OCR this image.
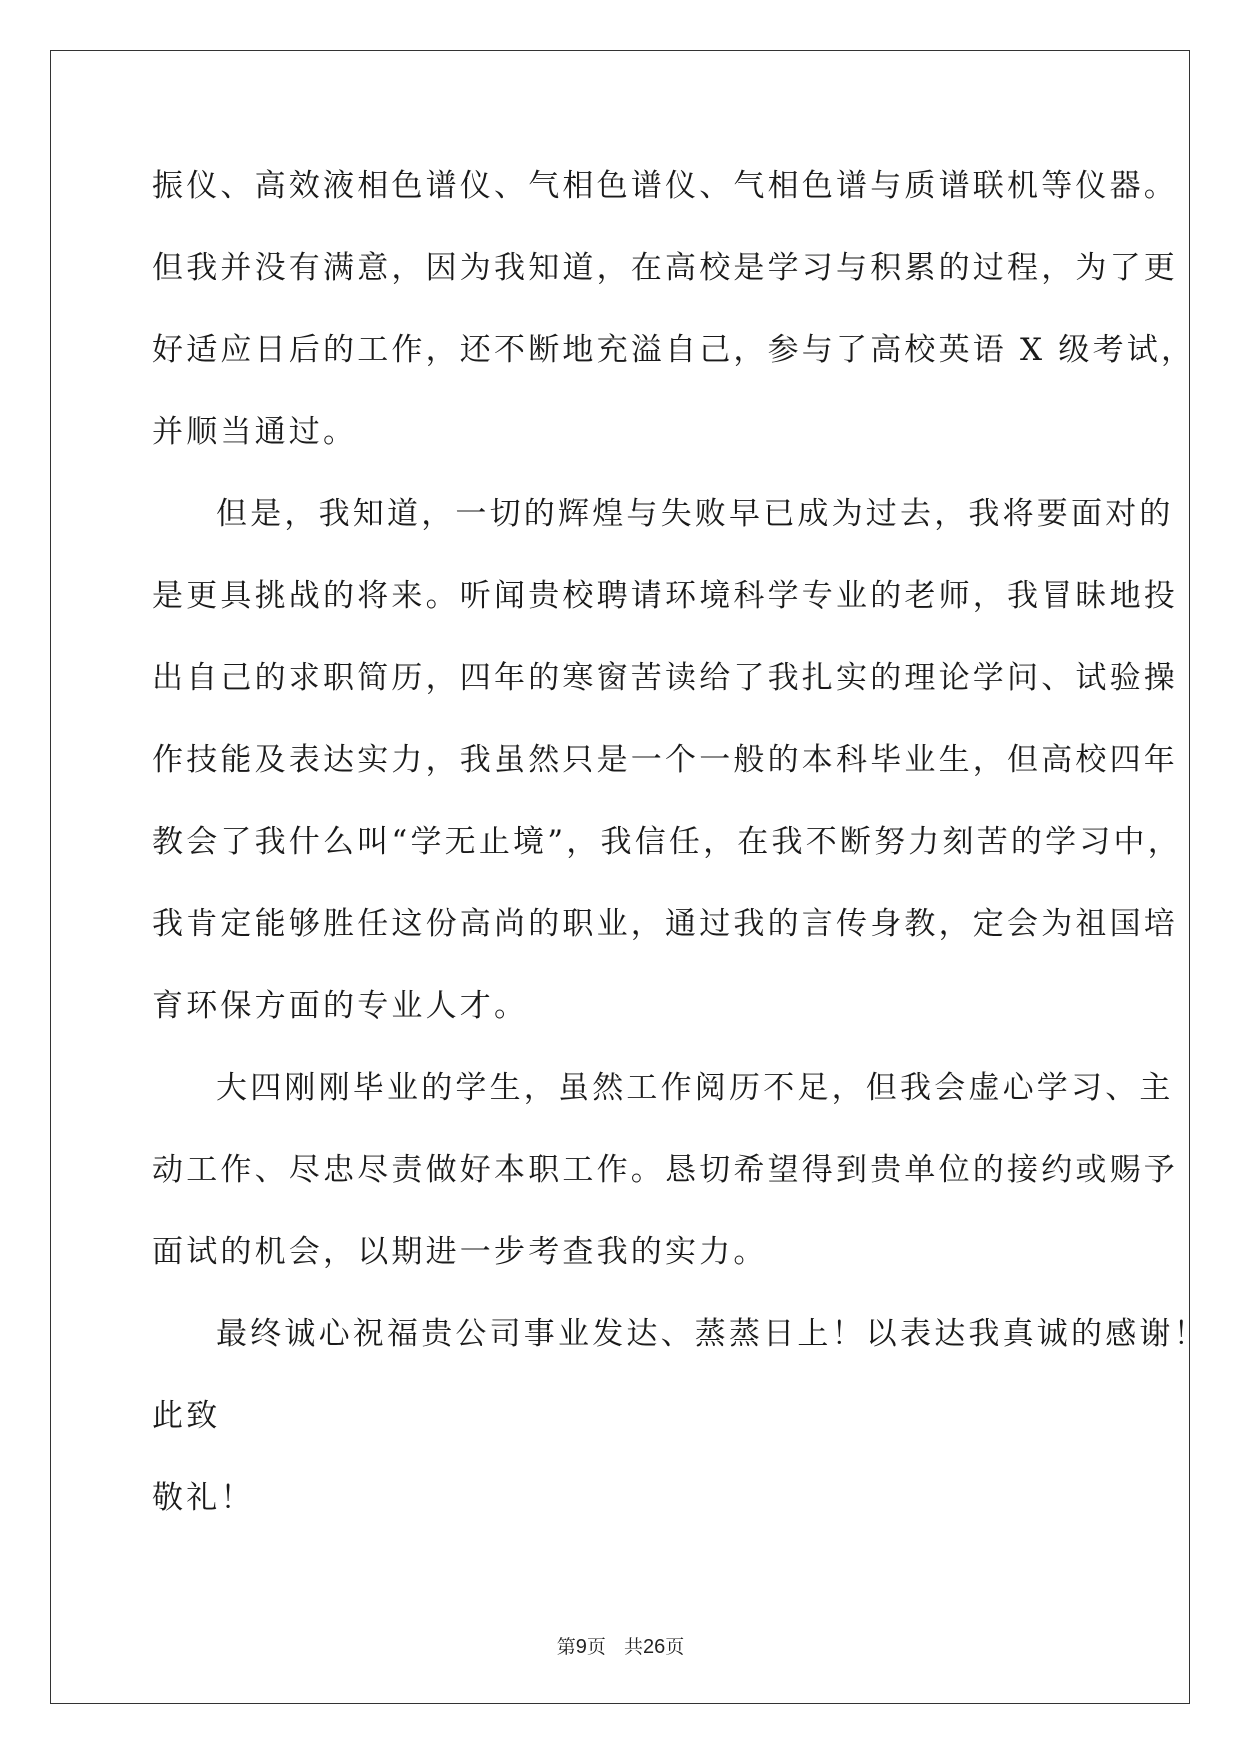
振仪、高效液相色谱仪、气相色谱仪、气相色谱与质谱联机等仪器。
但我并没有满意，因为我知道，在高校是学习与积累的过程，为了更
好适应日后的工作，还不断地充溢自己，参与了高校英语 X 级考试，
并顺当通过。
但是，我知道，一切的辉煌与失败早已成为过去，我将要面对的
是更具挑战的将来。听闻贵校聘请环境科学专业的老师，我冒昧地投
出自己的求职简历，四年的寒窗苦读给了我扎实的理论学问、试验操
作技能及表达实力，我虽然只是一个一般的本科毕业生，但高校四年
教会了我什么叫“学无止境”，我信任，在我不断努力刻苦的学习中，
我肯定能够胜任这份高尚的职业，通过我的言传身教，定会为祖国培
育环保方面的专业人才。
大四刚刚毕业的学生，虽然工作阅历不足，但我会虚心学习、主
动工作、尽忠尽责做好本职工作。恳切希望得到贵单位的接约或赐予
面试的机会，以期进一步考查我的实力。
最终诚心祝福贵公司事业发达、蒸蒸日上！以表达我真诚的感谢！
此致
敬礼！
第9页 共26页
